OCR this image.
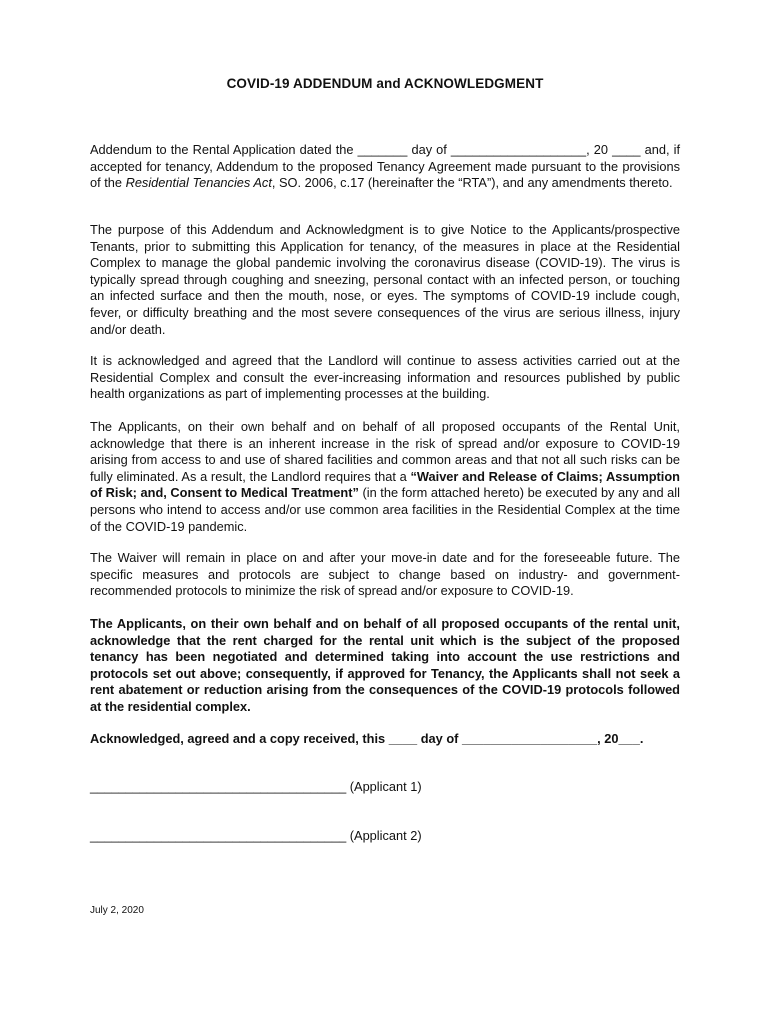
COVID-19 ADDENDUM and ACKNOWLEDGMENT

Addendum to the Rental Application dated the _______ day of ___________________, 20 ____ and, if accepted for tenancy, Addendum to the proposed Tenancy Agreement made pursuant to the provisions of the Residential Tenancies Act, SO. 2006, c.17 (hereinafter the “RTA”), and any amendments thereto.

The purpose of this Addendum and Acknowledgment is to give Notice to the Applicants/prospective Tenants, prior to submitting this Application for tenancy, of the measures in place at the Residential Complex to manage the global pandemic involving the coronavirus disease (COVID-19). The virus is typically spread through coughing and sneezing, personal contact with an infected person, or touching an infected surface and then the mouth, nose, or eyes. The symptoms of COVID-19 include cough, fever, or difficulty breathing and the most severe consequences of the virus are serious illness, injury and/or death.

It is acknowledged and agreed that the Landlord will continue to assess activities carried out at the Residential Complex and consult the ever-increasing information and resources published by public health organizations as part of implementing processes at the building.

The Applicants, on their own behalf and on behalf of all proposed occupants of the Rental Unit, acknowledge that there is an inherent increase in the risk of spread and/or exposure to COVID-19 arising from access to and use of shared facilities and common areas and that not all such risks can be fully eliminated. As a result, the Landlord requires that a “Waiver and Release of Claims; Assumption of Risk; and, Consent to Medical Treatment” (in the form attached hereto) be executed by any and all persons who intend to access and/or use common area facilities in the Residential Complex at the time of the COVID-19 pandemic.

The Waiver will remain in place on and after your move-in date and for the foreseeable future. The specific measures and protocols are subject to change based on industry- and government-recommended protocols to minimize the risk of spread and/or exposure to COVID-19.

The Applicants, on their own behalf and on behalf of all proposed occupants of the rental unit, acknowledge that the rent charged for the rental unit which is the subject of the proposed tenancy has been negotiated and determined taking into account the use restrictions and protocols set out above; consequently, if approved for Tenancy, the Applicants shall not seek a rent abatement or reduction arising from the consequences of the COVID-19 protocols followed at the residential complex.

Acknowledged, agreed and a copy received, this ____ day of ___________________, 20___.

____________________________________ (Applicant 1)

____________________________________ (Applicant 2)

July 2, 2020
